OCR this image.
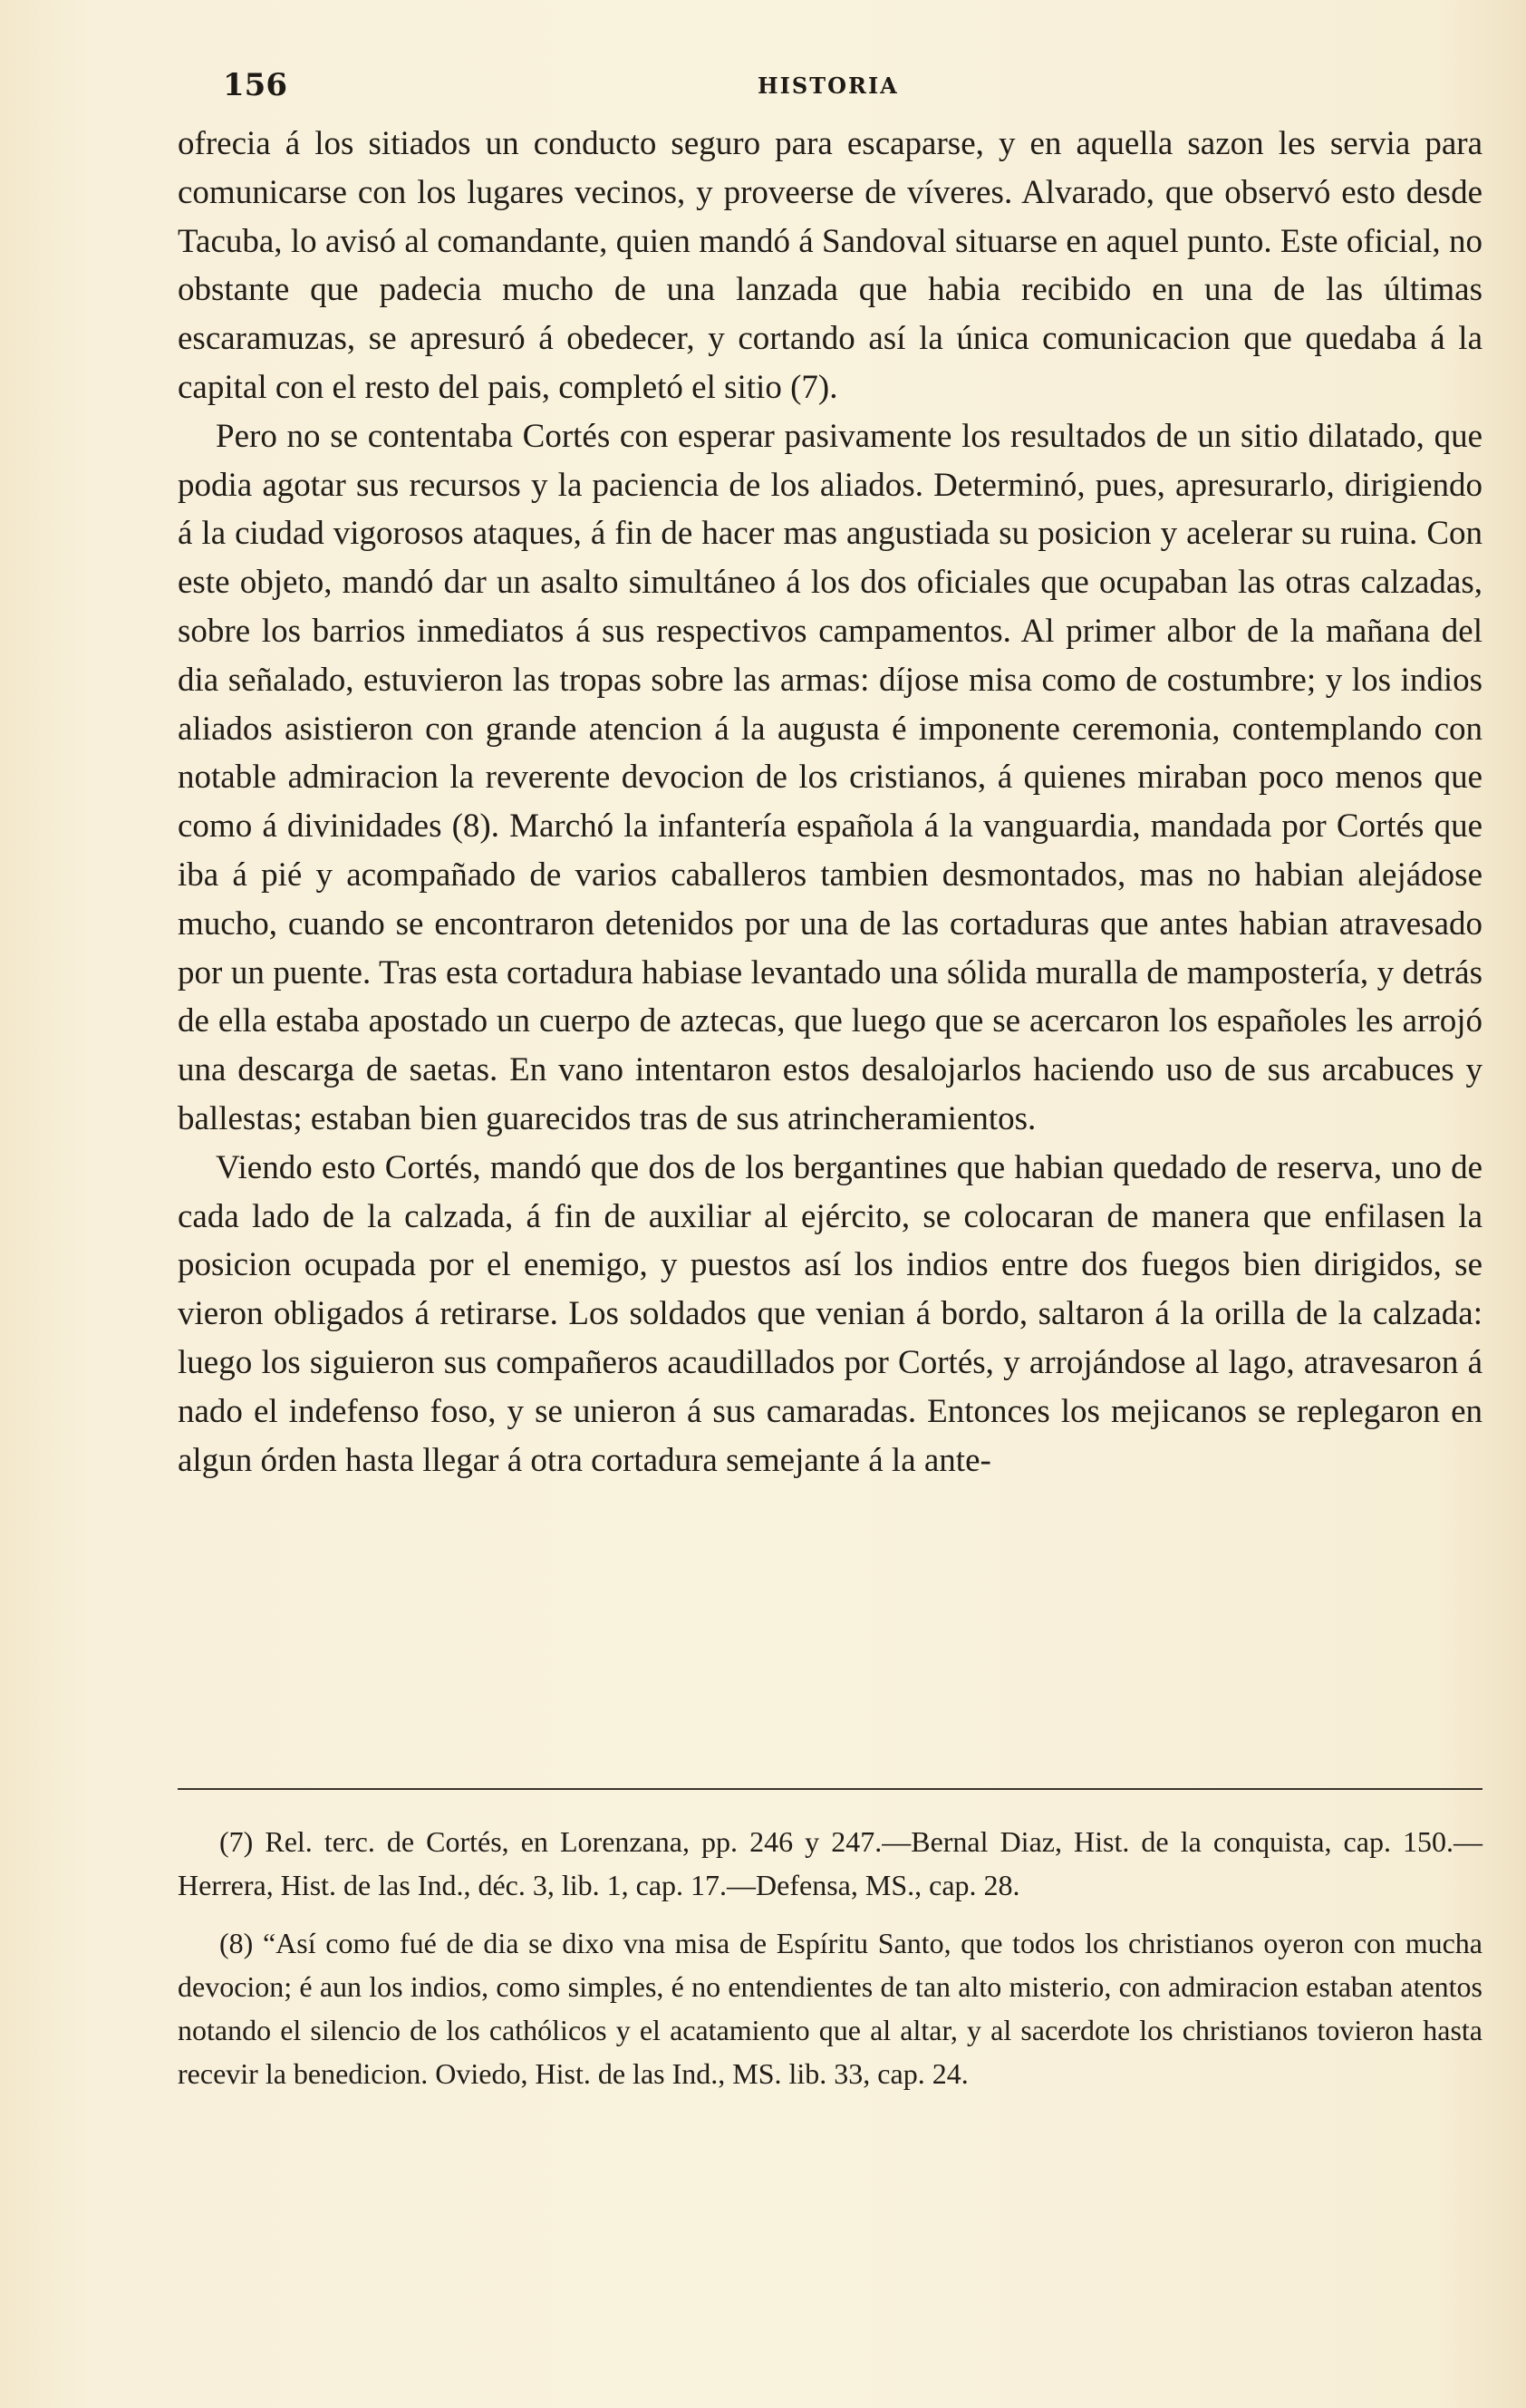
156	HISTORIA

ofrecia á los sitiados un conducto seguro para escaparse, y en aquella sazon les servia para comunicarse con los lugares vecinos, y proveerse de víveres. Alvarado, que observó esto desde Tacuba, lo avisó al comandante, quien mandó á Sandoval situarse en aquel punto. Este oficial, no obstante que padecia mucho de una lanzada que habia recibido en una de las últimas escaramuzas, se apresuró á obedecer, y cortando así la única comunicacion que quedaba á la capital con el resto del pais, completó el sitio (7).

Pero no se contentaba Cortés con esperar pasivamente los resultados de un sitio dilatado, que podia agotar sus recursos y la paciencia de los aliados. Determinó, pues, apresurarlo, dirigiendo á la ciudad vigorosos ataques, á fin de hacer mas angustiada su posicion y acelerar su ruina. Con este objeto, mandó dar un asalto simultáneo á los dos oficiales que ocupaban las otras calzadas, sobre los barrios inmediatos á sus respectivos campamentos. Al primer albor de la mañana del dia señalado, estuvieron las tropas sobre las armas: díjose misa como de costumbre; y los indios aliados asistieron con grande atencion á la augusta é imponente ceremonia, contemplando con notable admiracion la reverente devocion de los cristianos, á quienes miraban poco menos que como á divinidades (8). Marchó la infantería española á la vanguardia, mandada por Cortés que iba á pié y acompañado de varios caballeros tambien desmontados, mas no habian alejádose mucho, cuando se encontraron detenidos por una de las cortaduras que antes habian atravesado por un puente. Tras esta cortadura habiase levantado una sólida muralla de mampostería, y detrás de ella estaba apostado un cuerpo de aztecas, que luego que se acercaron los españoles les arrojó una descarga de saetas. En vano intentaron estos desalojarlos haciendo uso de sus arcabuces y ballestas; estaban bien guarecidos tras de sus atrincheramientos.

Viendo esto Cortés, mandó que dos de los bergantines que habian quedado de reserva, uno de cada lado de la calzada, á fin de auxiliar al ejército, se colocaran de manera que enfilasen la posicion ocupada por el enemigo, y puestos así los indios entre dos fuegos bien dirigidos, se vieron obligados á retirarse. Los soldados que venian á bordo, saltaron á la orilla de la calzada: luego los siguieron sus compañeros acaudillados por Cortés, y arrojándose al lago, atravesaron á nado el indefenso foso, y se unieron á sus camaradas. Entonces los mejicanos se replegaron en algun órden hasta llegar á otra cortadura semejante á la ante-

(7) Rel. terc. de Cortés, en Lorenzana, pp. 246 y 247.—Bernal Diaz, Hist. de la conquista, cap. 150.—Herrera, Hist. de las Ind., déc. 3, lib. 1, cap. 17.—Defensa, MS., cap. 28.

(8) “Así como fué de dia se dixo vna misa de Espíritu Santo, que todos los christianos oyeron con mucha devocion; é aun los indios, como simples, é no entendientes de tan alto misterio, con admiracion estaban atentos notando el silencio de los cathólicos y el acatamiento que al altar, y al sacerdote los christianos tovieron hasta recevir la benedicion. Oviedo, Hist. de las Ind., MS. lib. 33, cap. 24.
